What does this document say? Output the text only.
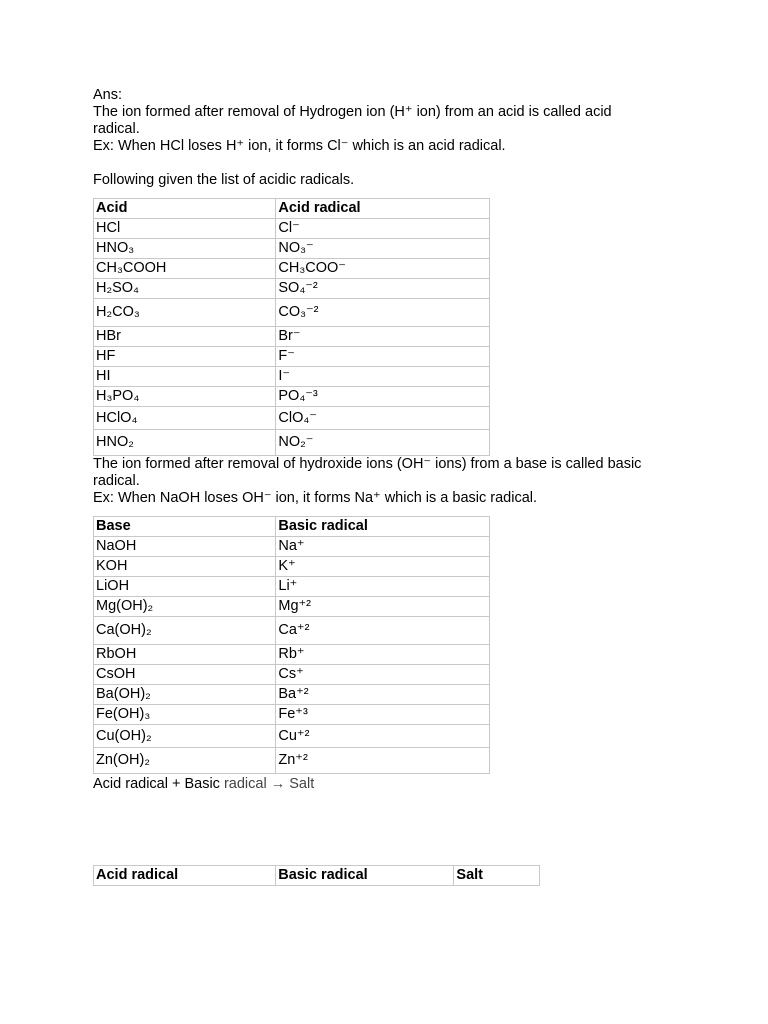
Ans:

The ion formed after removal of Hydrogen ion (H⁺ ion) from an acid is called acid radical.

Ex: When HCl loses H⁺ ion, it forms Cl⁻ which is an acid radical.

Following given the list of acidic radicals.

Acid	Acid radical
HCl	Cl⁻
HNO₃	NO₃⁻
CH₃COOH	CH₃COO⁻
H₂SO₄	SO₄⁻²
H₂CO₃	CO₃⁻²
HBr	Br⁻
HF	F⁻
HI	I⁻
H₃PO₄	PO₄⁻³
HClO₄	ClO₄⁻
HNO₂	NO₂⁻

The ion formed after removal of hydroxide ions (OH⁻ ions) from a base is called basic radical.

Ex: When NaOH loses OH⁻ ion, it forms Na⁺ which is a basic radical.

Base	Basic radical
NaOH	Na⁺
KOH	K⁺
LiOH	Li⁺
Mg(OH)₂	Mg⁺²
Ca(OH)₂	Ca⁺²
RbOH	Rb⁺
CsOH	Cs⁺
Ba(OH)₂	Ba⁺²
Fe(OH)₃	Fe⁺³
Cu(OH)₂	Cu⁺²
Zn(OH)₂	Zn⁺²

Acid radical + Basic radical → Salt

Acid radical	Basic radical	Salt
